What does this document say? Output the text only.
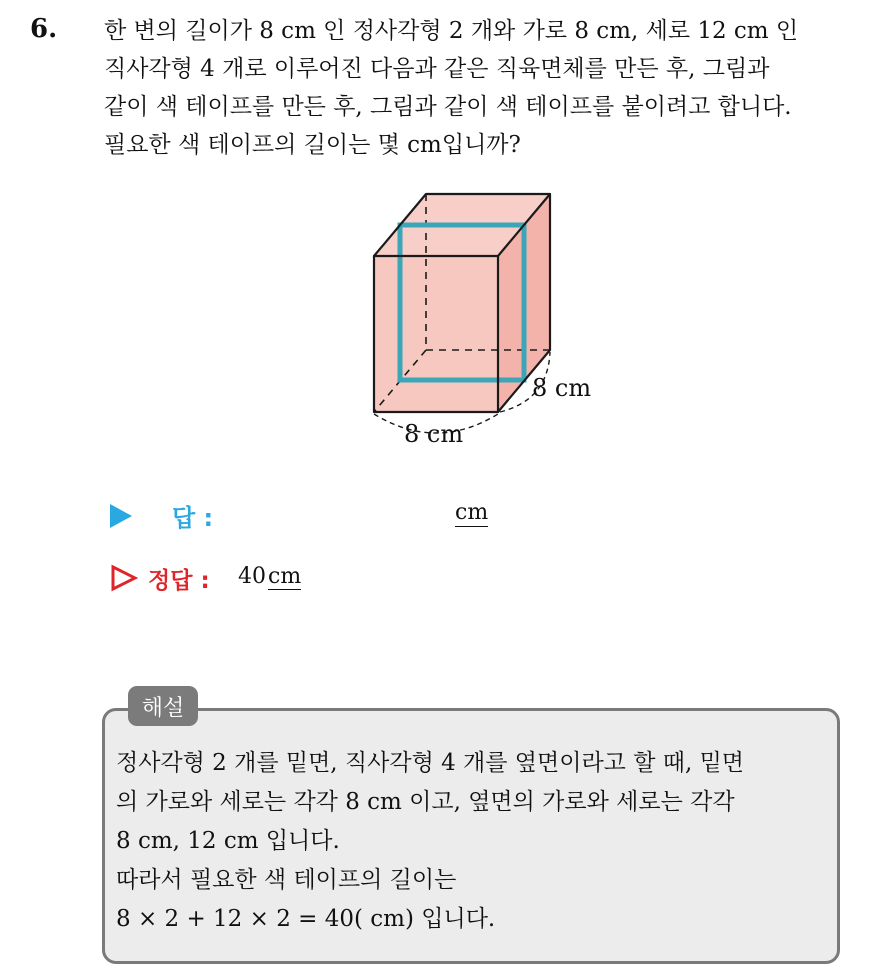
6. 한 변의 길이가 8 cm 인 정사각형 2 개와 가로 8 cm, 세로 12 cm 인
직사각형 4 개로 이루어진 다음과 같은 직육면체를 만든 후, 그림과
같이 색 테이프를 만든 후, 그림과 같이 색 테이프를 붙이려고 합니다.
필요한 색 테이프의 길이는 몇 cm입니까?
8 cm
8 cm
답 :	cm
정답 : 40cm
해설
정사각형 2 개를 밑면, 직사각형 4 개를 옆면이라고 할 때, 밑면
의 가로와 세로는 각각 8 cm 이고, 옆면의 가로와 세로는 각각
8 cm, 12 cm 입니다.
따라서 필요한 색 테이프의 길이는
8 × 2 + 12 × 2 = 40( cm) 입니다.
